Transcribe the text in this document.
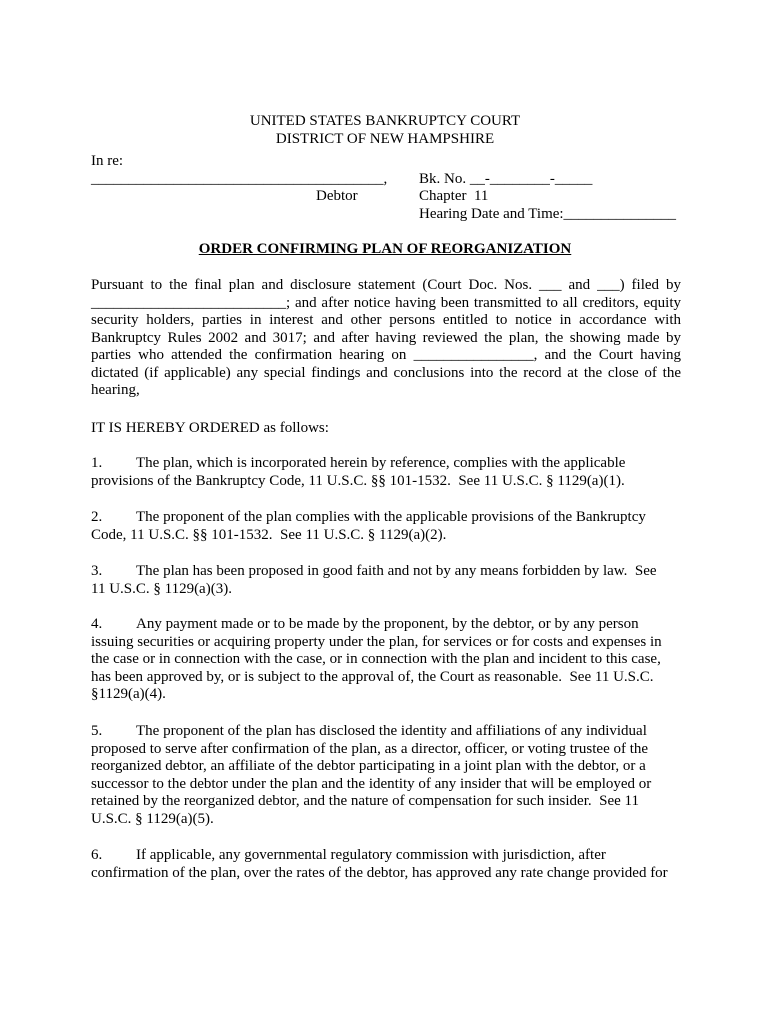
UNITED STATES BANKRUPTCY COURT
DISTRICT OF NEW HAMPSHIRE
In re:
_______________________________________,
Debtor
Bk. No. __-________-_____
Chapter  11
Hearing Date and Time:_______________
ORDER CONFIRMING PLAN OF REORGANIZATION
Pursuant to the final plan and disclosure statement (Court Doc. Nos. ___ and ___) filed by
__________________________; and after notice having been transmitted to all creditors, equity
security holders, parties in interest and other persons entitled to notice in accordance with
Bankruptcy Rules 2002 and 3017; and after having reviewed the plan, the showing made by
parties who attended the confirmation hearing on ________________, and the Court having
dictated (if applicable) any special findings and conclusions into the record at the close of the
hearing,
IT IS HEREBY ORDERED as follows:
1. The plan, which is incorporated herein by reference, complies with the applicable
provisions of the Bankruptcy Code, 11 U.S.C. §§ 101-1532.  See 11 U.S.C. § 1129(a)(1).
2. The proponent of the plan complies with the applicable provisions of the Bankruptcy
Code, 11 U.S.C. §§ 101-1532.  See 11 U.S.C. § 1129(a)(2).
3. The plan has been proposed in good faith and not by any means forbidden by law.  See
11 U.S.C. § 1129(a)(3).
4. Any payment made or to be made by the proponent, by the debtor, or by any person
issuing securities or acquiring property under the plan, for services or for costs and expenses in
the case or in connection with the case, or in connection with the plan and incident to this case,
has been approved by, or is subject to the approval of, the Court as reasonable.  See 11 U.S.C.
§1129(a)(4).
5. The proponent of the plan has disclosed the identity and affiliations of any individual
proposed to serve after confirmation of the plan, as a director, officer, or voting trustee of the
reorganized debtor, an affiliate of the debtor participating in a joint plan with the debtor, or a
successor to the debtor under the plan and the identity of any insider that will be employed or
retained by the reorganized debtor, and the nature of compensation for such insider.  See 11
U.S.C. § 1129(a)(5).
6. If applicable, any governmental regulatory commission with jurisdiction, after
confirmation of the plan, over the rates of the debtor, has approved any rate change provided for
